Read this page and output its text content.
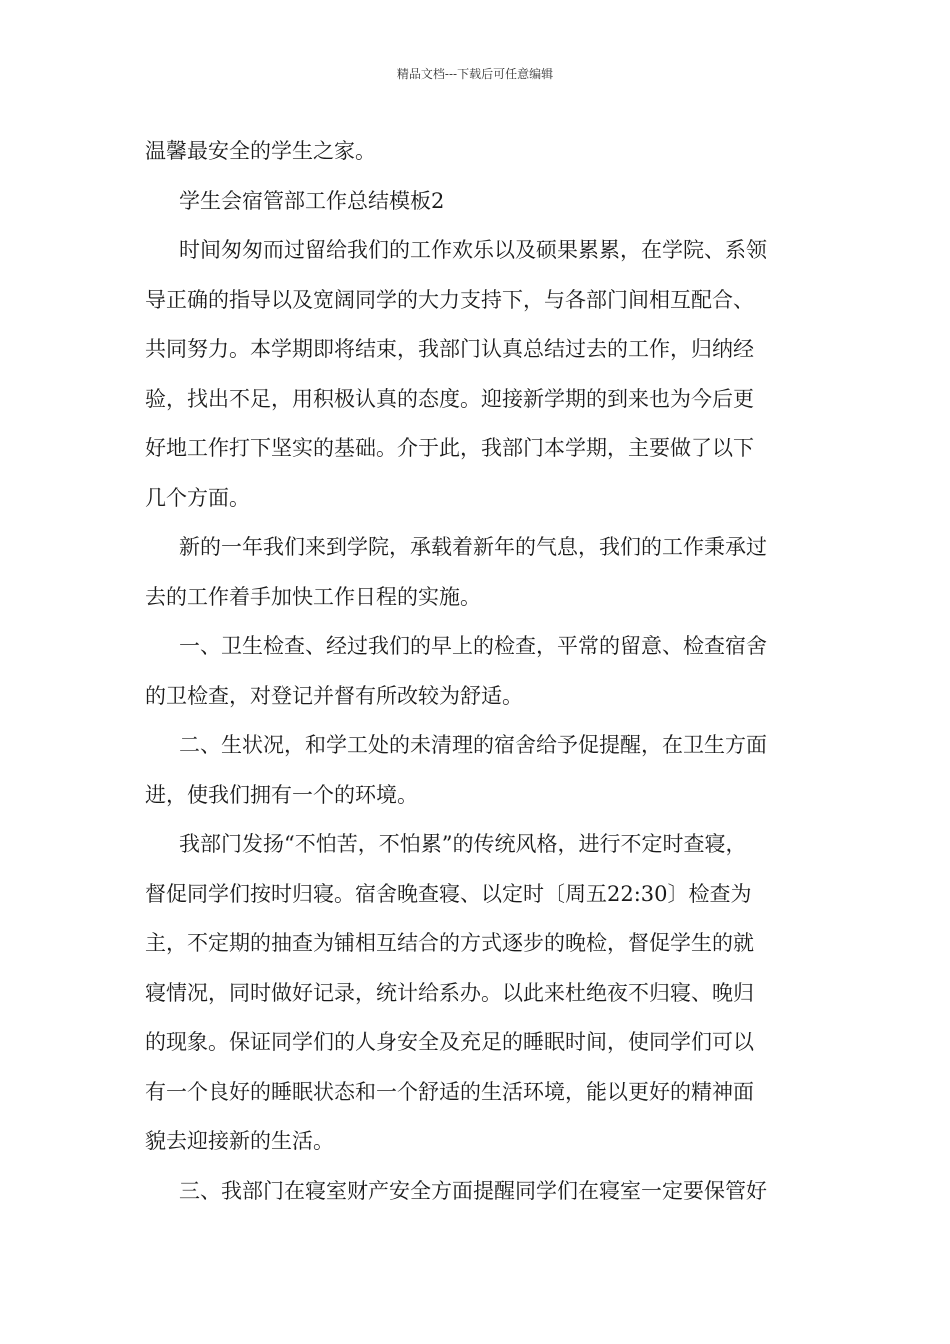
精品文档---下载后可任意编辑
温馨最安全的学生之家。
学生会宿管部工作总结模板2
时间匆匆而过留给我们的工作欢乐以及硕果累累，在学院、系领
导正确的指导以及宽阔同学的大力支持下，与各部门间相互配合、
共同努力。本学期即将结束，我部门认真总结过去的工作，归纳经
验，找出不足，用积极认真的态度。迎接新学期的到来也为今后更
好地工作打下坚实的基础。介于此，我部门本学期，主要做了以下
几个方面。
新的一年我们来到学院，承载着新年的气息，我们的工作秉承过
去的工作着手加快工作日程的实施。
一、卫生检查、经过我们的早上的检查，平常的留意、检查宿舍
的卫检查，对登记并督有所改较为舒适。
二、生状况，和学工处的未清理的宿舍给予促提醒，在卫生方面
进，使我们拥有一个的环境。
我部门发扬“不怕苦，不怕累”的传统风格，进行不定时查寝，
督促同学们按时归寝。宿舍晚查寝、以定时〔周五22:30〕检查为
主，不定期的抽查为铺相互结合的方式逐步的晚检，督促学生的就
寝情况，同时做好记录，统计给系办。以此来杜绝夜不归寝、晚归
的现象。保证同学们的人身安全及充足的睡眠时间，使同学们可以
有一个良好的睡眠状态和一个舒适的生活环境，能以更好的精神面
貌去迎接新的生活。
三、我部门在寝室财产安全方面提醒同学们在寝室一定要保管好
